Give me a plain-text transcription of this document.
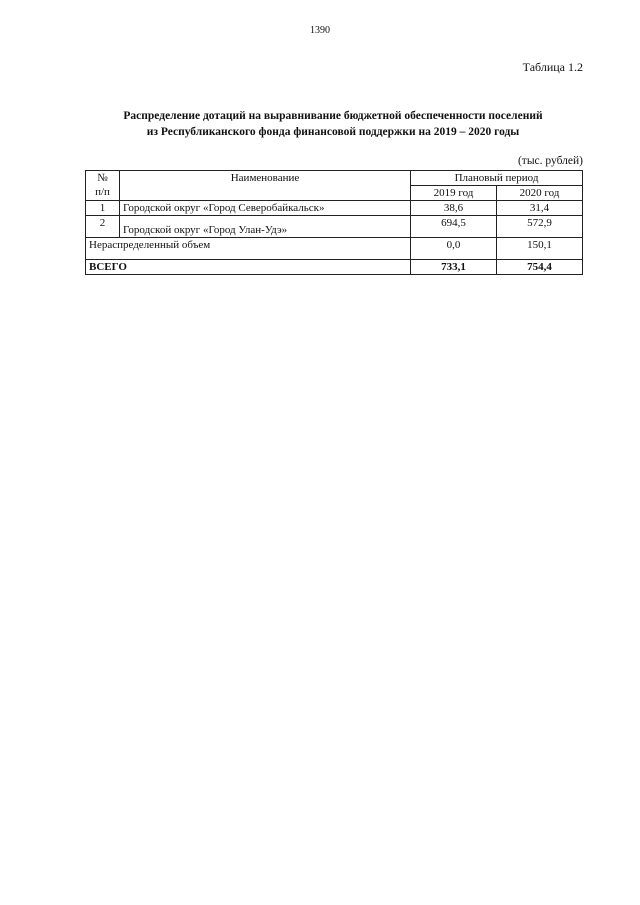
1390
Таблица 1.2
Распределение дотаций на выравнивание бюджетной обеспеченности поселений
из Республиканского фонда финансовой поддержки на 2019 – 2020 годы
(тыс. рублей)
№
п/п	Наименование	Плановый период	
		2019 год	2020 год
1	Городской округ «Город Северобайкальск»	38,6	31,4
2	Городской округ «Город Улан-Удэ»	694,5	572,9
Нераспределенный объем		0,0	150,1
ВСЕГО		733,1	754,4
